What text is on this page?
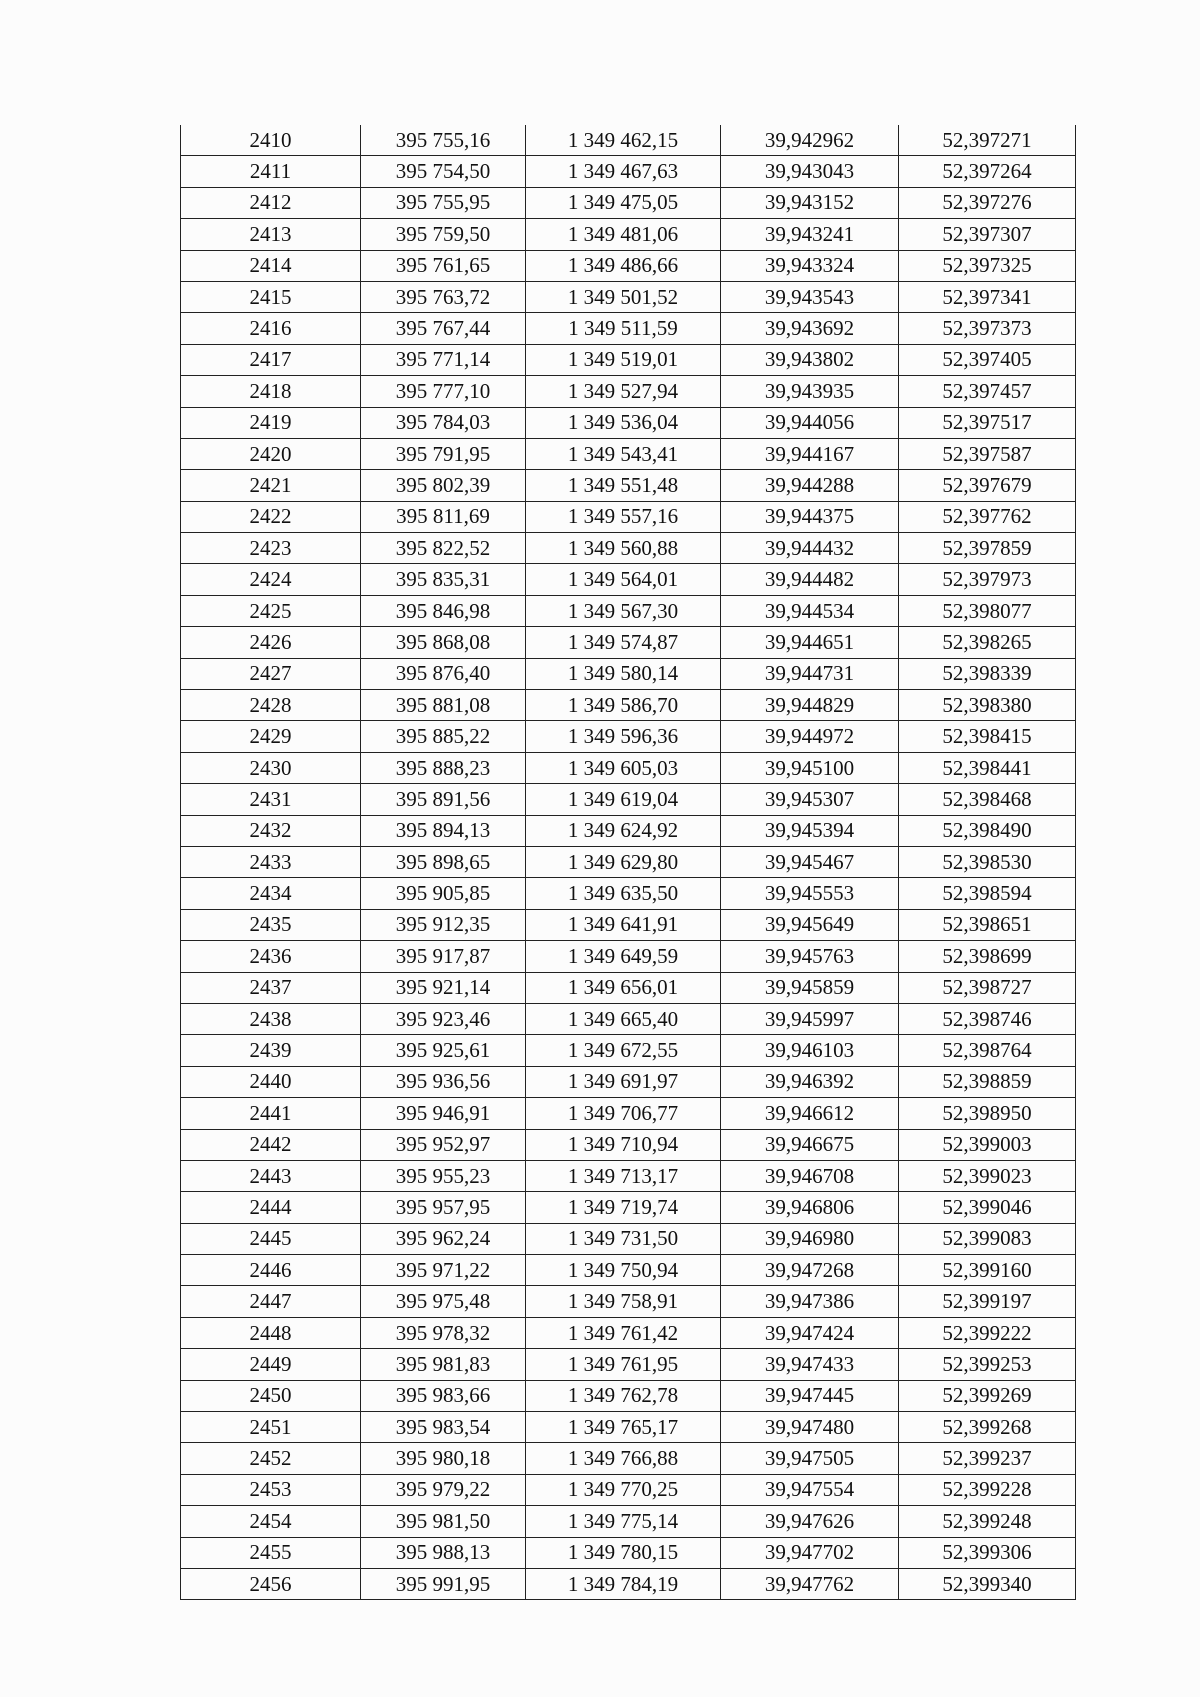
2410	395 755,16	1 349 462,15	39,942962	52,397271
2411	395 754,50	1 349 467,63	39,943043	52,397264
2412	395 755,95	1 349 475,05	39,943152	52,397276
2413	395 759,50	1 349 481,06	39,943241	52,397307
2414	395 761,65	1 349 486,66	39,943324	52,397325
2415	395 763,72	1 349 501,52	39,943543	52,397341
2416	395 767,44	1 349 511,59	39,943692	52,397373
2417	395 771,14	1 349 519,01	39,943802	52,397405
2418	395 777,10	1 349 527,94	39,943935	52,397457
2419	395 784,03	1 349 536,04	39,944056	52,397517
2420	395 791,95	1 349 543,41	39,944167	52,397587
2421	395 802,39	1 349 551,48	39,944288	52,397679
2422	395 811,69	1 349 557,16	39,944375	52,397762
2423	395 822,52	1 349 560,88	39,944432	52,397859
2424	395 835,31	1 349 564,01	39,944482	52,397973
2425	395 846,98	1 349 567,30	39,944534	52,398077
2426	395 868,08	1 349 574,87	39,944651	52,398265
2427	395 876,40	1 349 580,14	39,944731	52,398339
2428	395 881,08	1 349 586,70	39,944829	52,398380
2429	395 885,22	1 349 596,36	39,944972	52,398415
2430	395 888,23	1 349 605,03	39,945100	52,398441
2431	395 891,56	1 349 619,04	39,945307	52,398468
2432	395 894,13	1 349 624,92	39,945394	52,398490
2433	395 898,65	1 349 629,80	39,945467	52,398530
2434	395 905,85	1 349 635,50	39,945553	52,398594
2435	395 912,35	1 349 641,91	39,945649	52,398651
2436	395 917,87	1 349 649,59	39,945763	52,398699
2437	395 921,14	1 349 656,01	39,945859	52,398727
2438	395 923,46	1 349 665,40	39,945997	52,398746
2439	395 925,61	1 349 672,55	39,946103	52,398764
2440	395 936,56	1 349 691,97	39,946392	52,398859
2441	395 946,91	1 349 706,77	39,946612	52,398950
2442	395 952,97	1 349 710,94	39,946675	52,399003
2443	395 955,23	1 349 713,17	39,946708	52,399023
2444	395 957,95	1 349 719,74	39,946806	52,399046
2445	395 962,24	1 349 731,50	39,946980	52,399083
2446	395 971,22	1 349 750,94	39,947268	52,399160
2447	395 975,48	1 349 758,91	39,947386	52,399197
2448	395 978,32	1 349 761,42	39,947424	52,399222
2449	395 981,83	1 349 761,95	39,947433	52,399253
2450	395 983,66	1 349 762,78	39,947445	52,399269
2451	395 983,54	1 349 765,17	39,947480	52,399268
2452	395 980,18	1 349 766,88	39,947505	52,399237
2453	395 979,22	1 349 770,25	39,947554	52,399228
2454	395 981,50	1 349 775,14	39,947626	52,399248
2455	395 988,13	1 349 780,15	39,947702	52,399306
2456	395 991,95	1 349 784,19	39,947762	52,399340
